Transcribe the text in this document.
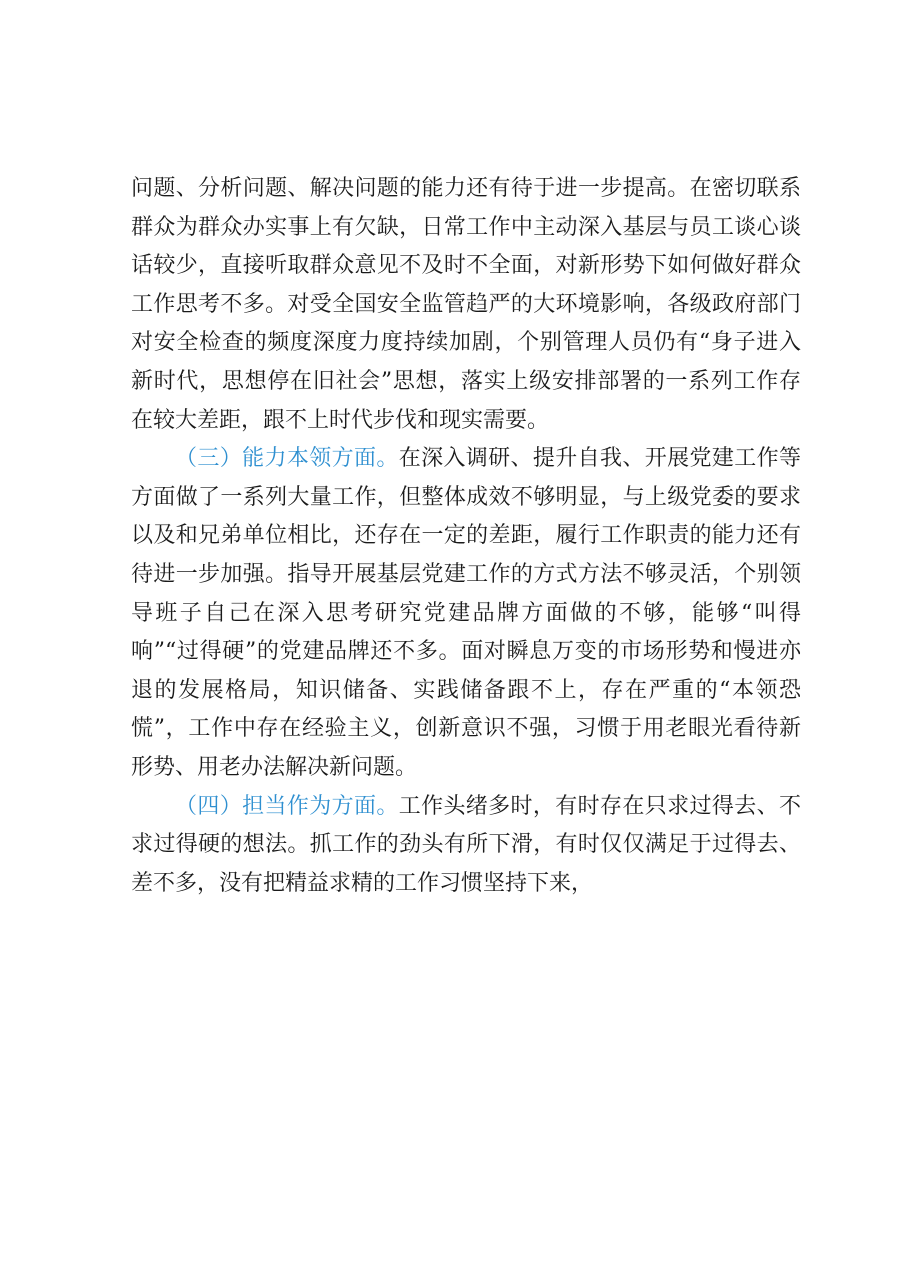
问题、分析问题、解决问题的能力还有待于进一步提高。在密切联系群众为群众办实事上有欠缺，日常工作中主动深入基层与员工谈心谈话较少，直接听取群众意见不及时不全面，对新形势下如何做好群众工作思考不多。对受全国安全监管趋严的大环境影响，各级政府部门对安全检查的频度深度力度持续加剧，个别管理人员仍有“身子进入新时代，思想停在旧社会”思想，落实上级安排部署的一系列工作存在较大差距，跟不上时代步伐和现实需要。

（三）能力本领方面。在深入调研、提升自我、开展党建工作等方面做了一系列大量工作，但整体成效不够明显，与上级党委的要求以及和兄弟单位相比，还存在一定的差距，履行工作职责的能力还有待进一步加强。指导开展基层党建工作的方式方法不够灵活，个别领导班子自己在深入思考研究党建品牌方面做的不够，能够“叫得响”“过得硬”的党建品牌还不多。面对瞬息万变的市场形势和慢进亦退的发展格局，知识储备、实践储备跟不上，存在严重的“本领恐慌”，工作中存在经验主义，创新意识不强，习惯于用老眼光看待新形势、用老办法解决新问题。

（四）担当作为方面。工作头绪多时，有时存在只求过得去、不求过得硬的想法。抓工作的劲头有所下滑，有时仅仅满足于过得去、差不多，没有把精益求精的工作习惯坚持下来，
